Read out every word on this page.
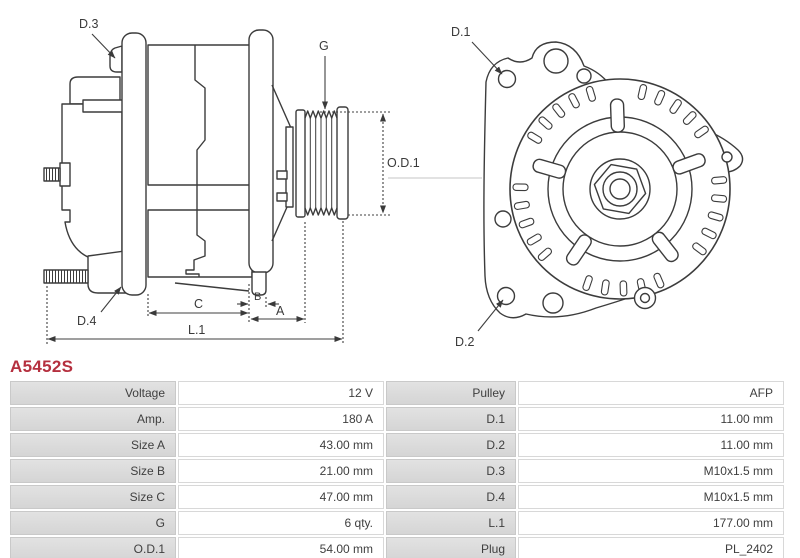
D.3
G
O.D.1
D.4
C	B
A
L.1
D.1
D.2
A5452S
Voltage	12 V	Pulley	AFP
Amp.	180 A	D.1	11.00 mm
Size A	43.00 mm	D.2	11.00 mm
Size B	21.00 mm	D.3	M10x1.5 mm
Size C	47.00 mm	D.4	M10x1.5 mm
G	6 qty.	L.1	177.00 mm
O.D.1	54.00 mm	Plug	PL_2402
